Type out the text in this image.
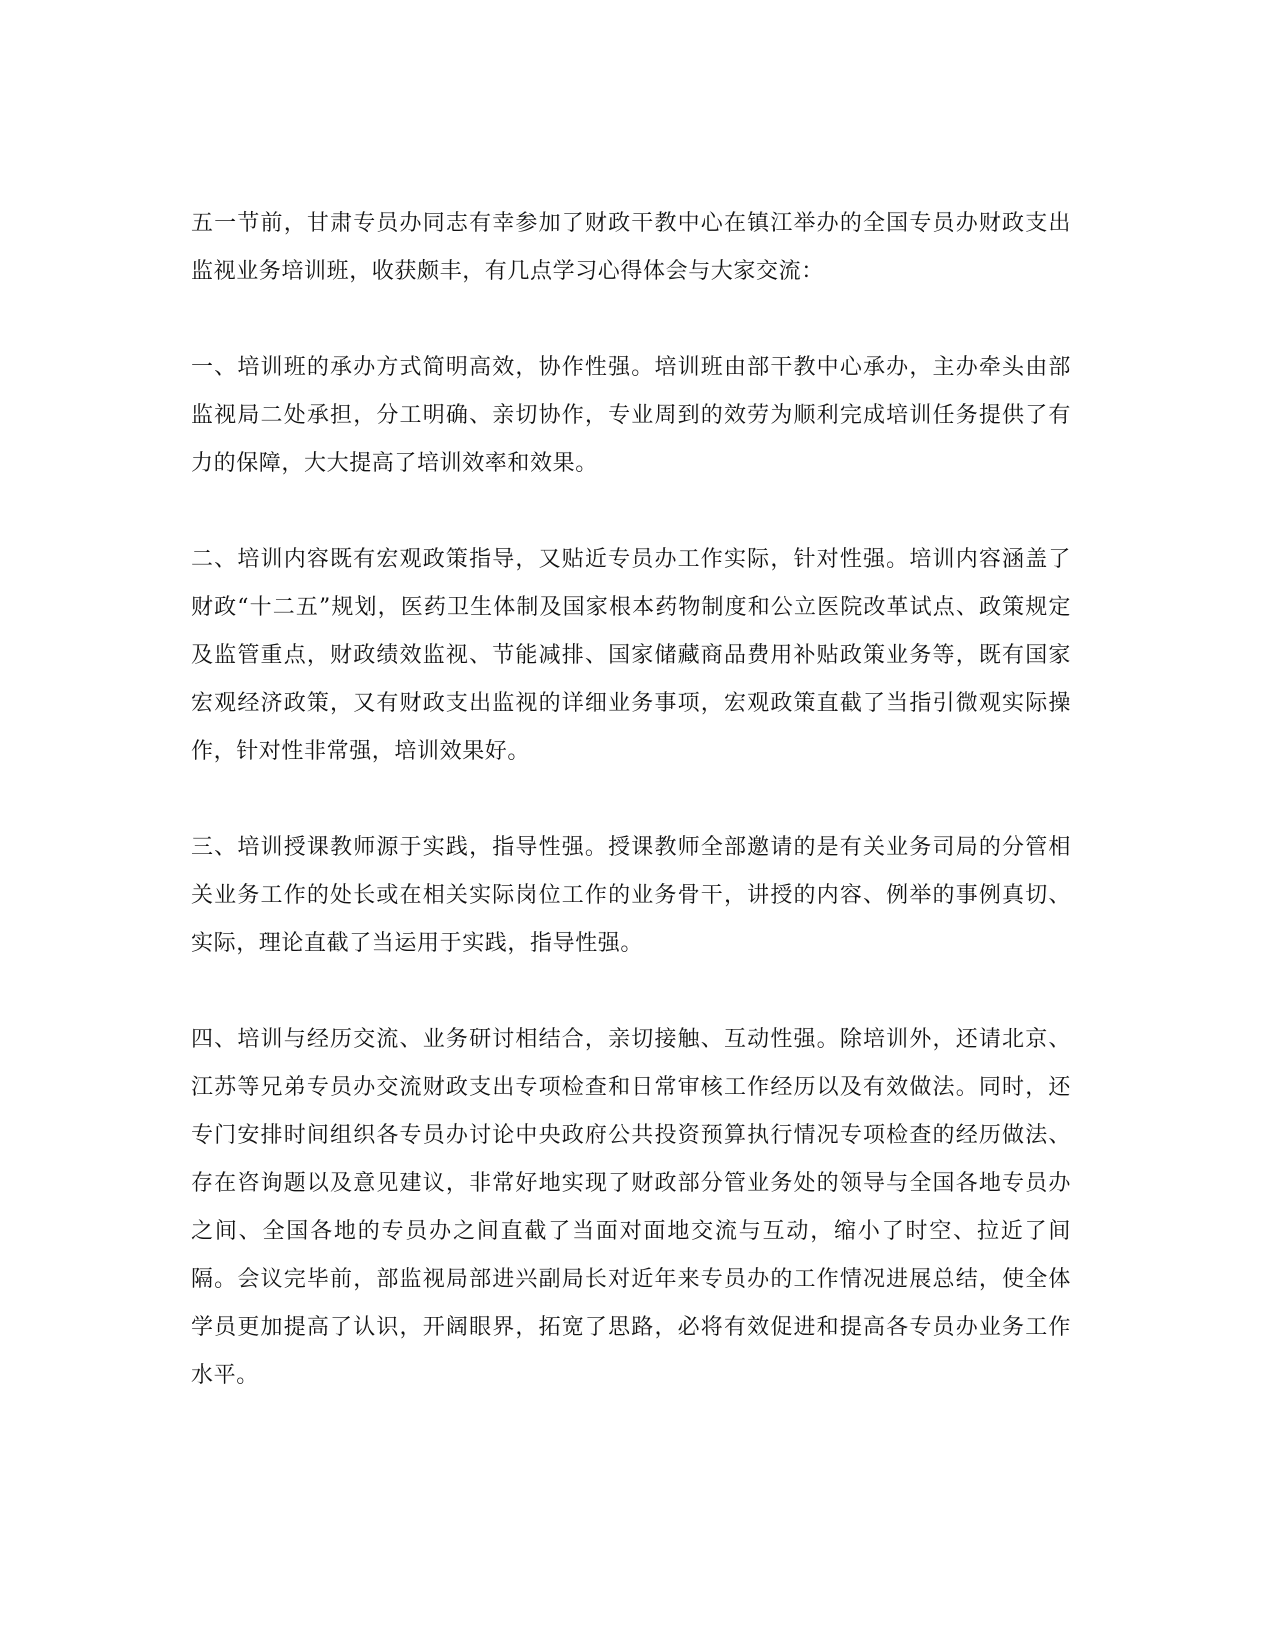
五一节前，甘肃专员办同志有幸参加了财政干教中心在镇江举办的全国专员办财政支出监视业务培训班，收获颇丰，有几点学习心得体会与大家交流：

一、培训班的承办方式简明高效，协作性强。培训班由部干教中心承办，主办牵头由部监视局二处承担，分工明确、亲切协作，专业周到的效劳为顺利完成培训任务提供了有力的保障，大大提高了培训效率和效果。

二、培训内容既有宏观政策指导，又贴近专员办工作实际，针对性强。培训内容涵盖了财政“十二五”规划，医药卫生体制及国家根本药物制度和公立医院改革试点、政策规定及监管重点，财政绩效监视、节能减排、国家储藏商品费用补贴政策业务等，既有国家宏观经济政策，又有财政支出监视的详细业务事项，宏观政策直截了当指引微观实际操作，针对性非常强，培训效果好。

三、培训授课教师源于实践，指导性强。授课教师全部邀请的是有关业务司局的分管相关业务工作的处长或在相关实际岗位工作的业务骨干，讲授的内容、例举的事例真切、实际，理论直截了当运用于实践，指导性强。

四、培训与经历交流、业务研讨相结合，亲切接触、互动性强。除培训外，还请北京、江苏等兄弟专员办交流财政支出专项检查和日常审核工作经历以及有效做法。同时，还专门安排时间组织各专员办讨论中央政府公共投资预算执行情况专项检查的经历做法、存在咨询题以及意见建议，非常好地实现了财政部分管业务处的领导与全国各地专员办之间、全国各地的专员办之间直截了当面对面地交流与互动，缩小了时空、拉近了间隔。会议完毕前，部监视局部进兴副局长对近年来专员办的工作情况进展总结，使全体学员更加提高了认识，开阔眼界，拓宽了思路，必将有效促进和提高各专员办业务工作水平。
